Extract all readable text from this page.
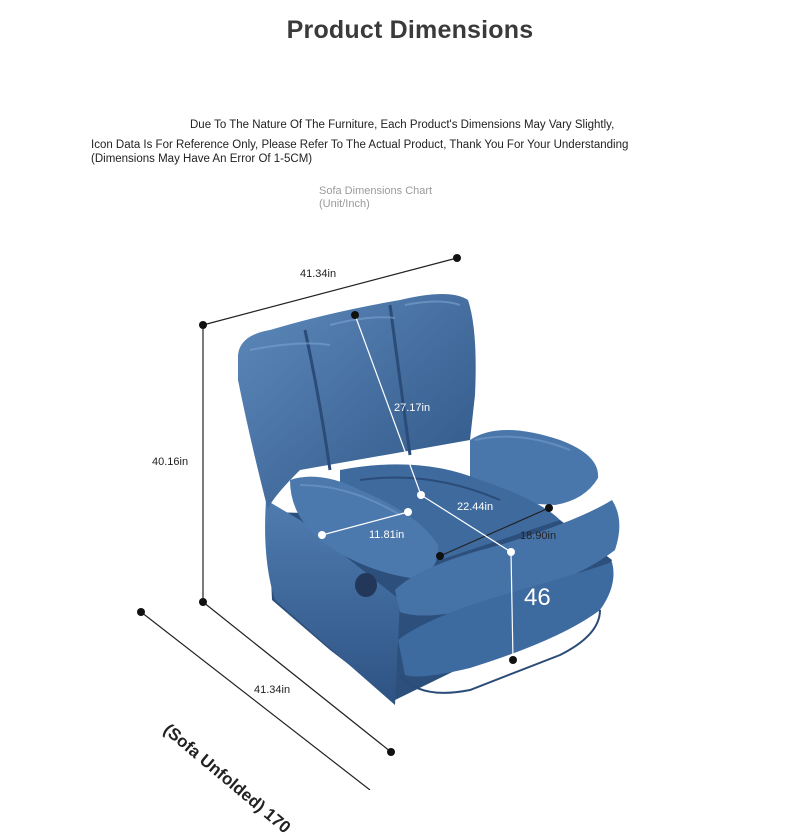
Product Dimensions
Due To The Nature Of The Furniture, Each Product's Dimensions May Vary Slightly,
Icon Data Is For Reference Only, Please Refer To The Actual Product, Thank You For Your Understanding
(Dimensions May Have An Error Of 1-5CM)
Sofa Dimensions Chart
(Unit/Inch)
41.34in
40.16in
41.34in
27.17in
22.44in
18.90in
11.81in
46
(Sofa Unfolded) 170
